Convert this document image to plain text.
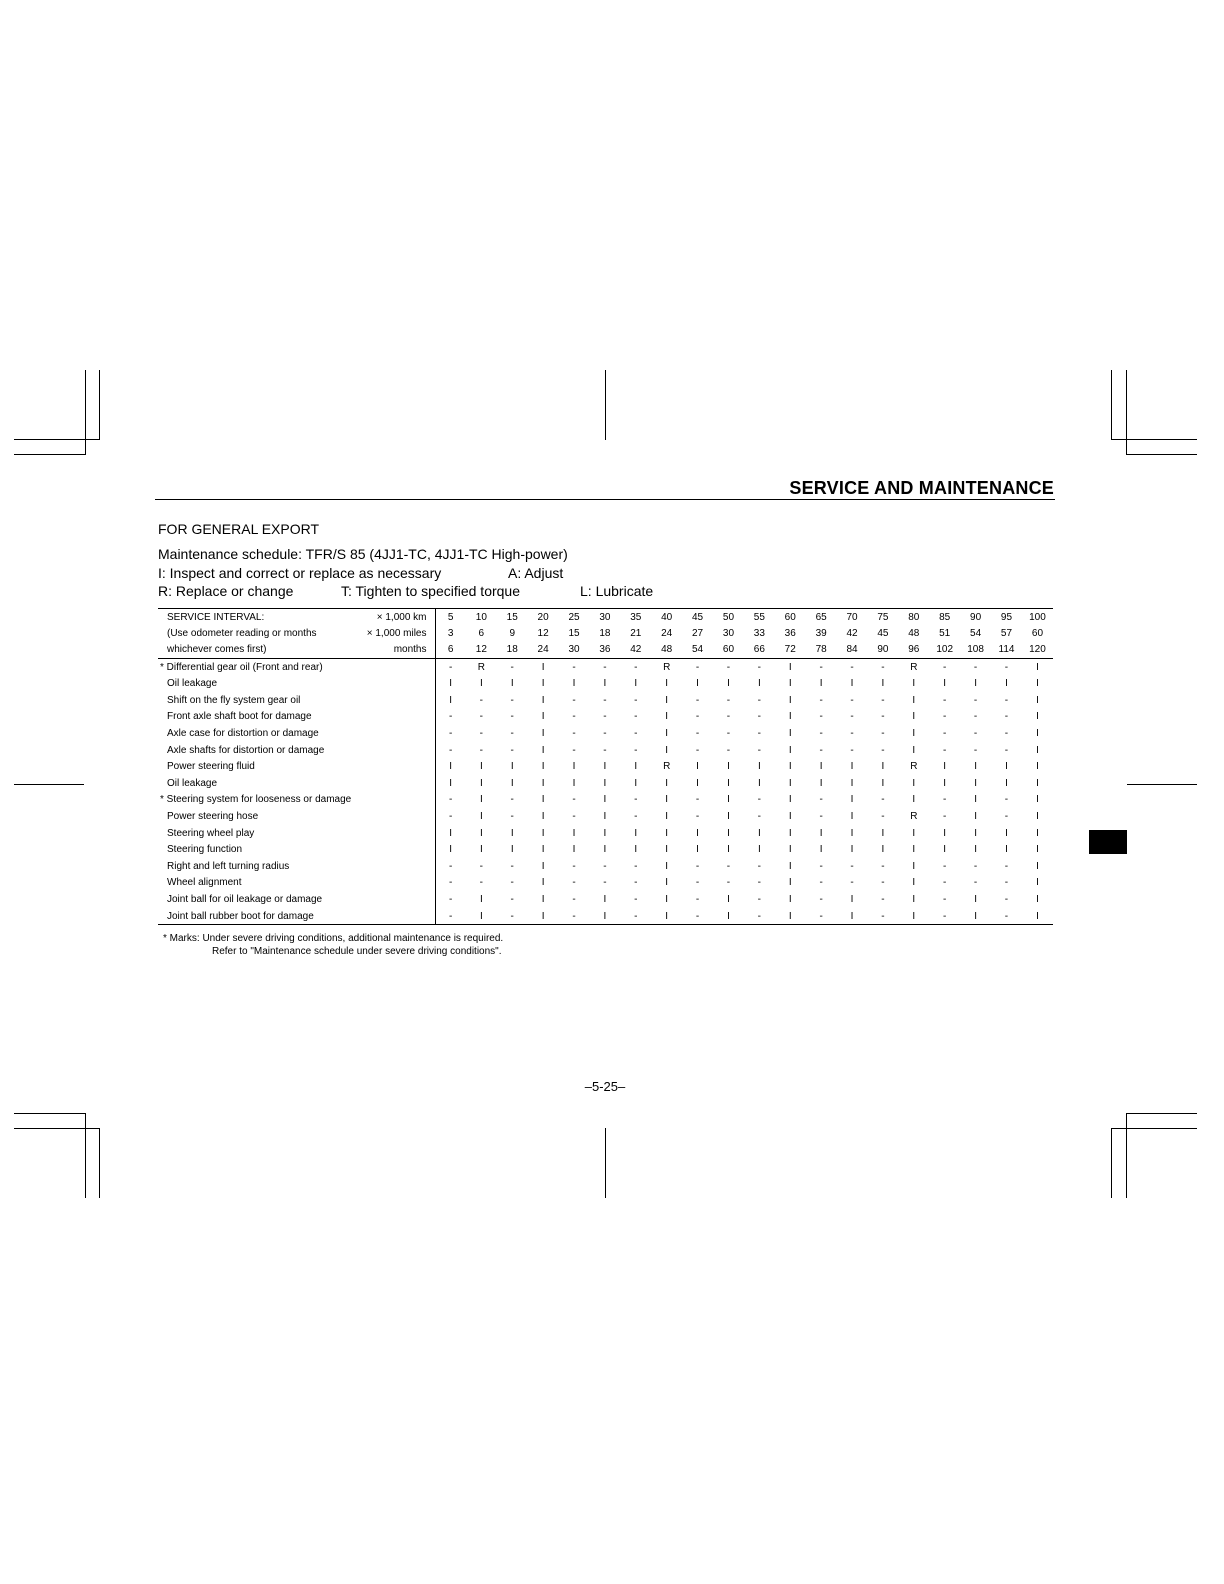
SERVICE AND MAINTENANCE
FOR GENERAL EXPORT
Maintenance schedule: TFR/S 85 (4JJ1-TC, 4JJ1-TC High-power)
I: Inspect and correct or replace as necessary	A: Adjust
R: Replace or change	T: Tighten to specified torque	L: Lubricate
SERVICE INTERVAL:	× 1,000 km	5	10	15	20	25	30	35	40	45	50	55	60	65	70	75	80	85	90	95	100
(Use odometer reading or months	× 1,000 miles	3	6	9	12	15	18	21	24	27	30	33	36	39	42	45	48	51	54	57	60
whichever comes first)	months	6	12	18	24	30	36	42	48	54	60	66	72	78	84	90	96	102	108	114	120
* Differential gear oil (Front and rear)		-	R	-	I	-	-	-	R	-	-	-	I	-	-	-	R	-	-	-	I
Oil leakage		I	I	I	I	I	I	I	I	I	I	I	I	I	I	I	I	I	I	I	I
Shift on the fly system gear oil		I	-	-	I	-	-	-	I	-	-	-	I	-	-	-	I	-	-	-	I
Front axle shaft boot for damage		-	-	-	I	-	-	-	I	-	-	-	I	-	-	-	I	-	-	-	I
Axle case for distortion or damage		-	-	-	I	-	-	-	I	-	-	-	I	-	-	-	I	-	-	-	I
Axle shafts for distortion or damage		-	-	-	I	-	-	-	I	-	-	-	I	-	-	-	I	-	-	-	I
Power steering fluid		I	I	I	I	I	I	I	R	I	I	I	I	I	I	I	R	I	I	I	I
Oil leakage		I	I	I	I	I	I	I	I	I	I	I	I	I	I	I	I	I	I	I	I
* Steering system for looseness or damage		-	I	-	I	-	I	-	I	-	I	-	I	-	I	-	I	-	I	-	I
Power steering hose		-	I	-	I	-	I	-	I	-	I	-	I	-	I	-	R	-	I	-	I
Steering wheel play		I	I	I	I	I	I	I	I	I	I	I	I	I	I	I	I	I	I	I	I
Steering function		I	I	I	I	I	I	I	I	I	I	I	I	I	I	I	I	I	I	I	I
Right and left turning radius		-	-	-	I	-	-	-	I	-	-	-	I	-	-	-	I	-	-	-	I
Wheel alignment		-	-	-	I	-	-	-	I	-	-	-	I	-	-	-	I	-	-	-	I
Joint ball for oil leakage or damage		-	I	-	I	-	I	-	I	-	I	-	I	-	I	-	I	-	I	-	I
Joint ball rubber boot for damage		-	I	-	I	-	I	-	I	-	I	-	I	-	I	-	I	-	I	-	I
* Marks: Under severe driving conditions, additional maintenance is required.
Refer to "Maintenance schedule under severe driving conditions".
–5-25–
